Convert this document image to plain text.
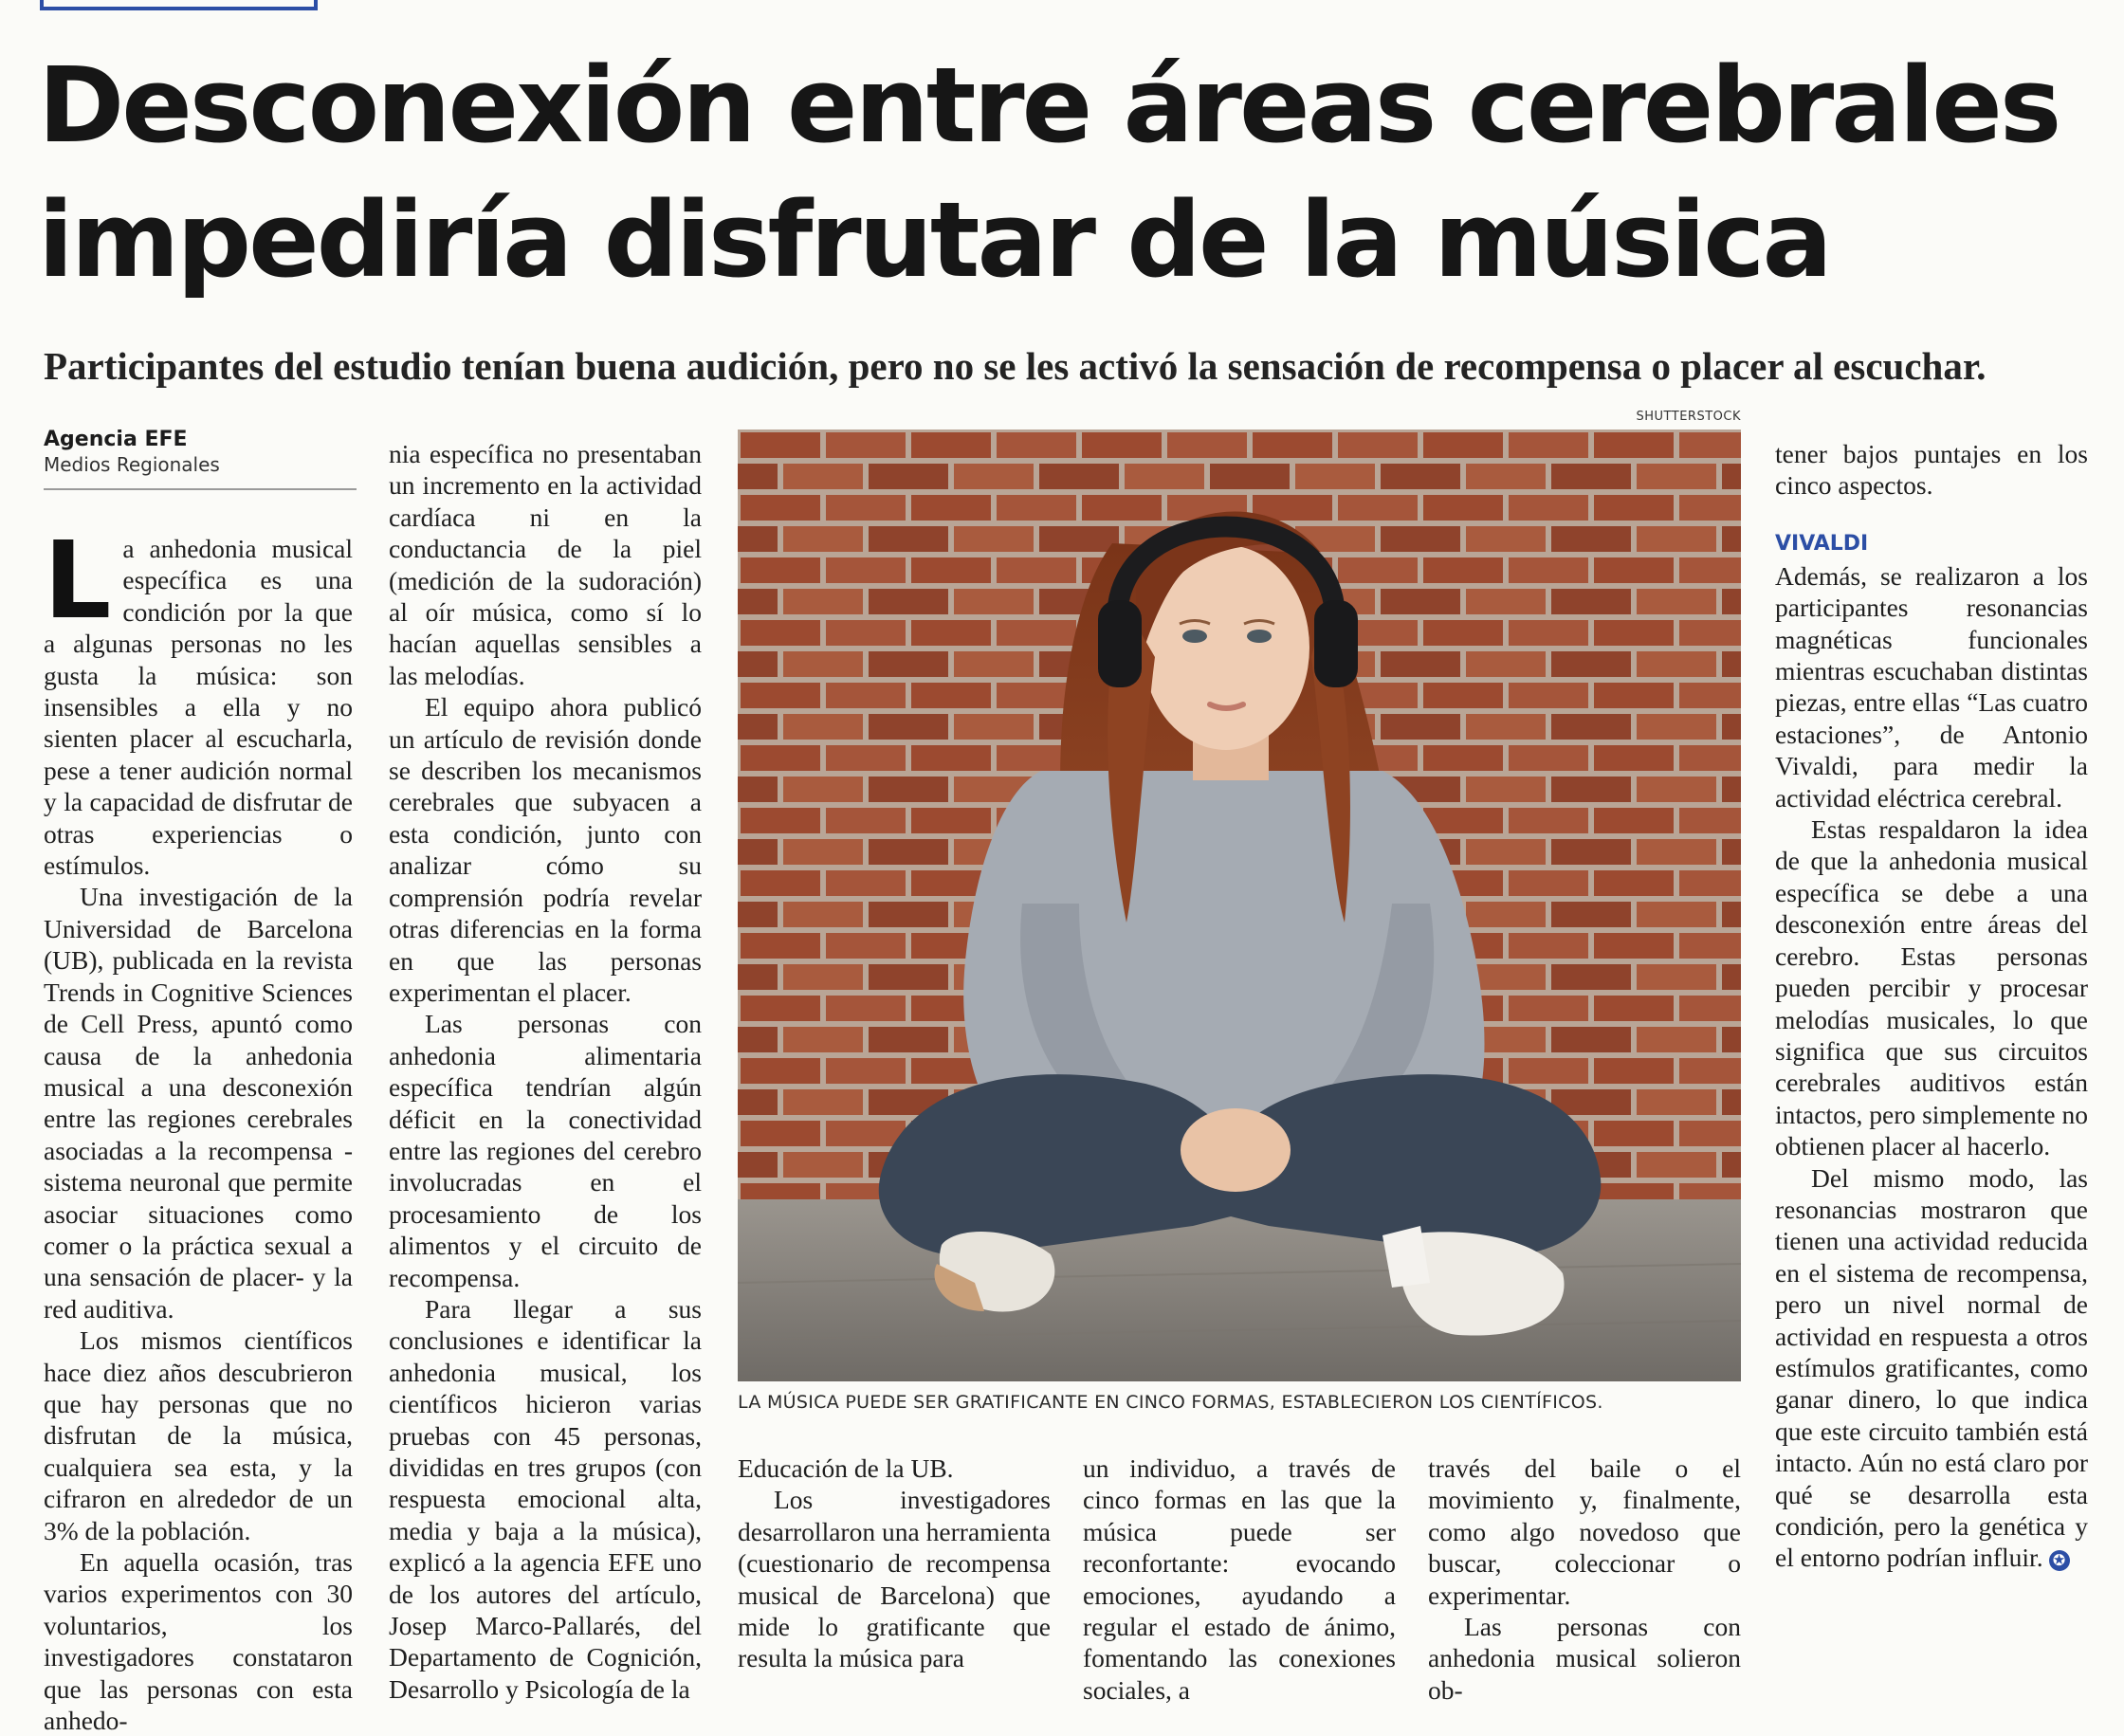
Desconexión entre áreas cerebrales
impediría disfrutar de la música

Participantes del estudio tenían buena audición, pero no se les activó la sensación de recompensa o placer al escuchar.

Agencia EFE
Medios Regionales

La anhedonia musical específica es una condición por la que a algunas personas no les gusta la música: son insensibles a ella y no sienten placer al escucharla, pese a tener audición normal y la capacidad de disfrutar de otras experiencias o estímulos.

Una investigación de la Universidad de Barcelona (UB), publicada en la revista Trends in Cognitive Sciences de Cell Press, apuntó como causa de la anhedonia musical a una desconexión entre las regiones cerebrales asociadas a la recompensa -sistema neuronal que permite asociar situaciones como comer o la práctica sexual a una sensación de placer- y la red auditiva.

Los mismos científicos hace diez años descubrieron que hay personas que no disfrutan de la música, cualquiera sea esta, y la cifraron en alrededor de un 3% de la población.

En aquella ocasión, tras varios experimentos con 30 voluntarios, los investigadores constataron que las personas con esta anhedo-

nia específica no presentaban un incremento en la actividad cardíaca ni en la conductancia de la piel (medición de la sudoración) al oír música, como sí lo hacían aquellas sensibles a las melodías.

El equipo ahora publicó un artículo de revisión donde se describen los mecanismos cerebrales que subyacen a esta condición, junto con analizar cómo su comprensión podría revelar otras diferencias en la forma en que las personas experimentan el placer.

Las personas con anhedonia alimentaria específica tendrían algún déficit en la conectividad entre las regiones del cerebro involucradas en el procesamiento de los alimentos y el circuito de recompensa.

Para llegar a sus conclusiones e identificar la anhedonia musical, los científicos hicieron varias pruebas con 45 personas, divididas en tres grupos (con respuesta emocional alta, media y baja a la música), explicó a la agencia EFE uno de los autores del artículo, Josep Marco-Pallarés, del Departamento de Cognición, Desarrollo y Psicología de la

SHUTTERSTOCK
LA MÚSICA PUEDE SER GRATIFICANTE EN CINCO FORMAS, ESTABLECIERON LOS CIENTÍFICOS.

Educación de la UB.

Los investigadores desarrollaron una herramienta (cuestionario de recompensa musical de Barcelona) que mide lo gratificante que resulta la música para

un individuo, a través de cinco formas en las que la música puede ser reconfortante: evocando emociones, ayudando a regular el estado de ánimo, fomentando las conexiones sociales, a

través del baile o el movimiento y, finalmente, como algo novedoso que buscar, coleccionar o experimentar.

Las personas con anhedonia musical solieron ob-

tener bajos puntajes en los cinco aspectos.

VIVALDI

Además, se realizaron a los participantes resonancias magnéticas funcionales mientras escuchaban distintas piezas, entre ellas “Las cuatro estaciones”, de Antonio Vivaldi, para medir la actividad eléctrica cerebral.

Estas respaldaron la idea de que la anhedonia musical específica se debe a una desconexión entre áreas del cerebro. Estas personas pueden percibir y procesar melodías musicales, lo que significa que sus circuitos cerebrales auditivos están intactos, pero simplemente no obtienen placer al hacerlo.

Del mismo modo, las resonancias mostraron que tienen una actividad reducida en el sistema de recompensa, pero un nivel normal de actividad en respuesta a otros estímulos gratificantes, como ganar dinero, lo que indica que este circuito también está intacto. Aún no está claro por qué se desarrolla esta condición, pero la genética y el entorno podrían influir. ✪
